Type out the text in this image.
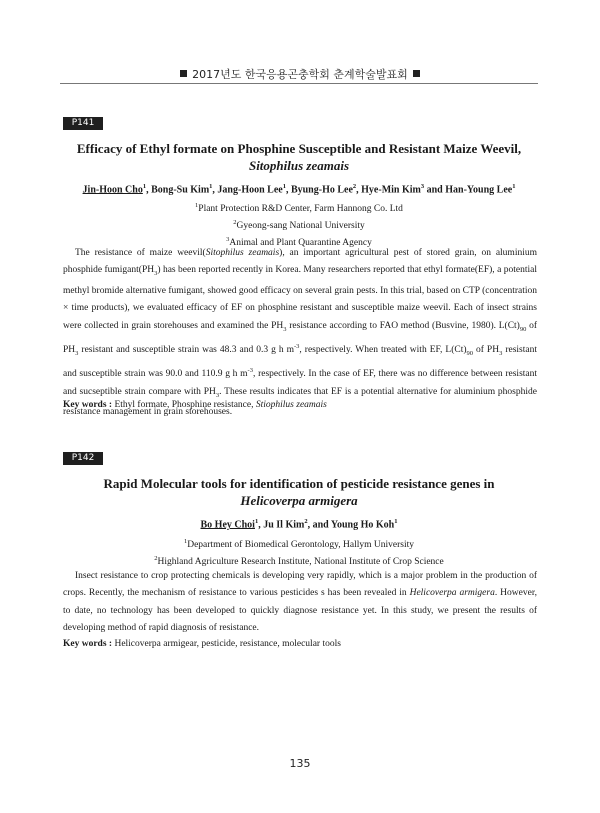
2017년도 한국응용곤충학회 춘계학술발표회
P141
Efficacy of Ethyl formate on Phosphine Susceptible and Resistant Maize Weevil,
Sitophilus zeamais
Jin-Hoon Cho$^1$, Bong-Su Kim$^1$, Jang-Hoon Lee$^1$, Byung-Ho Lee$^2$, Hye-Min Kim$^3$ and Han-Young Lee$^1$
$^1$Plant Protection R&D Center, Farm Hannong Co. Ltd
$^2$Gyeong-sang National University
$^3$Animal and Plant Quarantine Agency
The resistance of maize weevil(Sitophilus zeamais), an important agricultural pest of stored grain, on aluminium phosphide $fumigant(PH_3)$ has been reported recently in Korea. Many researchers reported that ethyl formate(EF), a potential methyl bromide alternative fumigant, showed good efficacy on several grain pests. In this trial, based on CTP (concentration × time products), we evaluated efficacy of EF on phosphine resistant and susceptible maize weevil. Each of insect strains were collected in grain storehouses and examined the $PH_3$ resistance according to FAO method (Busvine, 1980). $L(Ct)_{90}$ of $PH_3$ resistant and susceptible strain was 48.3 and 0.3 g h $m^{-3}$, respectively. When treated with EF, $L(Ct)_{90}$ of $PH_3$ resistant and susceptible strain was 90.0 and 110.9 g h $m^{-3}$, respectively. In the case of EF, there was no difference between resistant and sucseptible strain compare with $PH_3$. These results indicates that EF is a potential alternative for aluminium phosphide resistance management in grain storehouses.
Key words : Ethyl formate, Phosphine resistance, Stiophilus zeamais
P142
Rapid Molecular tools for identification of pesticide resistance genes in
Helicoverpa armigera
Bo Hey Choi$^1$, Ju Il Kim$^2$, and Young Ho Koh$^1$
$^1$Department of Biomedical Gerontology, Hallym University
$^2$Highland Agriculture Research Institute, National Institute of Crop Science
Insect resistance to crop protecting chemicals is developing very rapidly, which is a major problem in the production of crops. Recently, the mechanism of resistance to various pesticides s has been revealed in Helicoverpa armigera. However, to date, no technology has been developed to quickly diagnose resistance yet. In this study, we present the results of developing method of rapid diagnosis of resistance.
Key words : Helicoverpa armigear, pesticide, resistance, molecular tools
135
